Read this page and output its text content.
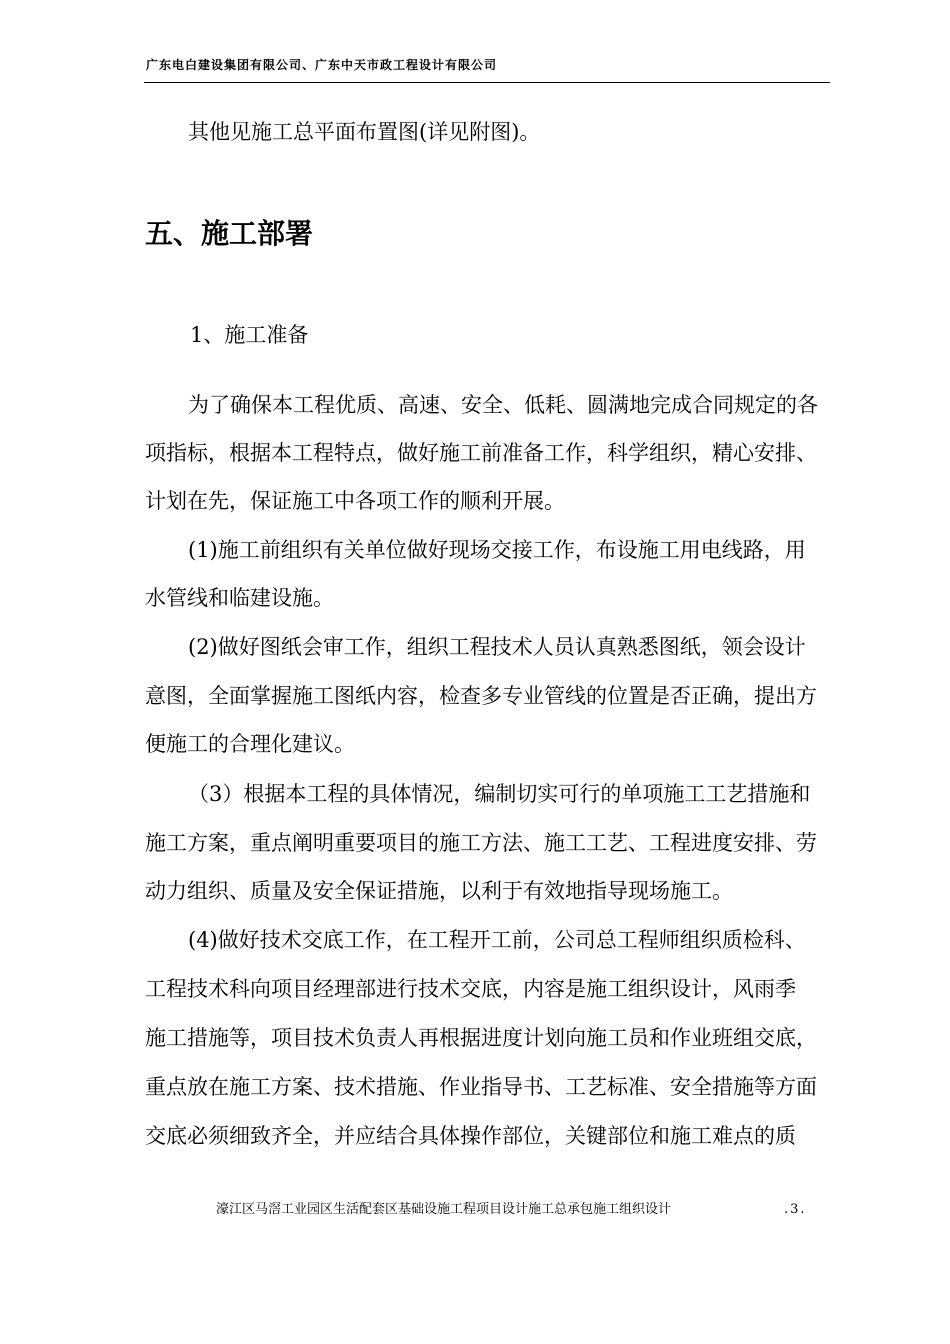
广东电白建设集团有限公司、广东中天市政工程设计有限公司
其他见施工总平面布置图(详见附图)。
五、施工部署
1、施工准备
为了确保本工程优质、高速、安全、低耗、圆满地完成合同规定的各
项指标，根据本工程特点，做好施工前准备工作，科学组织，精心安排、
计划在先，保证施工中各项工作的顺利开展。
(1)施工前组织有关单位做好现场交接工作，布设施工用电线路，用
水管线和临建设施。
(2)做好图纸会审工作，组织工程技术人员认真熟悉图纸，领会设计
意图，全面掌握施工图纸内容，检查多专业管线的位置是否正确，提出方
便施工的合理化建议。
（3）根据本工程的具体情况，编制切实可行的单项施工工艺措施和
施工方案，重点阐明重要项目的施工方法、施工工艺、工程进度安排、劳
动力组织、质量及安全保证措施，以利于有效地指导现场施工。
(4)做好技术交底工作，在工程开工前，公司总工程师组织质检科、
工程技术科向项目经理部进行技术交底，内容是施工组织设计，风雨季
施工措施等，项目技术负责人再根据进度计划向施工员和作业班组交底，
重点放在施工方案、技术措施、作业指导书、工艺标准、安全措施等方面
交底必须细致齐全，并应结合具体操作部位，关键部位和施工难点的质
濠江区马滘工业园区生活配套区基础设施工程项目设计施工总承包施工组织设计	.3.
